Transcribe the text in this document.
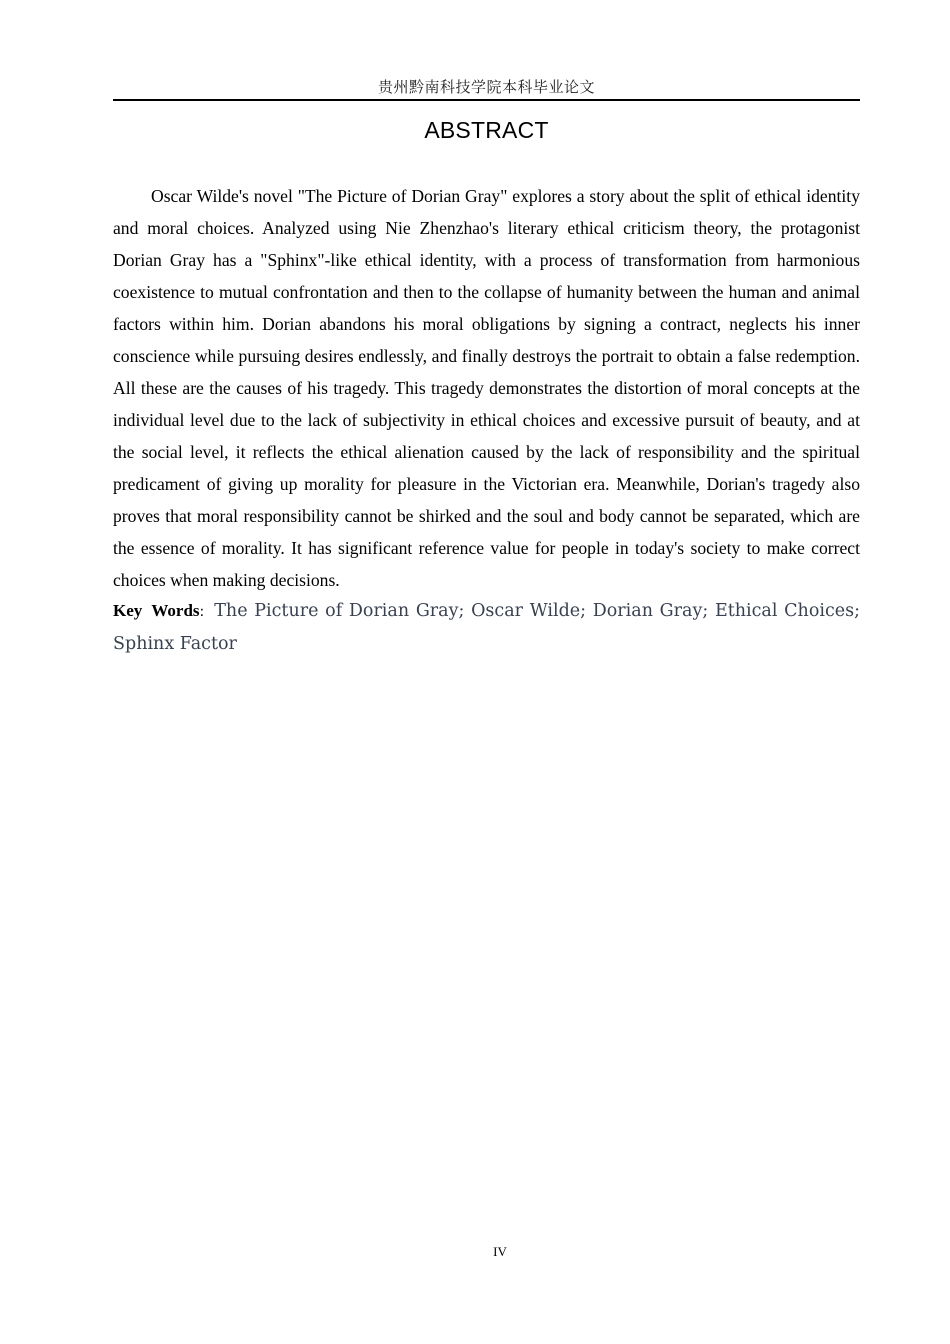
贵州黔南科技学院本科毕业论文
ABSTRACT

Oscar Wilde's novel "The Picture of Dorian Gray" explores a story about the split of ethical identity and moral choices. Analyzed using Nie Zhenzhao's literary ethical criticism theory, the protagonist Dorian Gray has a "Sphinx"-like ethical identity, with a process of transformation from harmonious coexistence to mutual confrontation and then to the collapse of humanity between the human and animal factors within him. Dorian abandons his moral obligations by signing a contract, neglects his inner conscience while pursuing desires endlessly, and finally destroys the portrait to obtain a false redemption. All these are the causes of his tragedy. This tragedy demonstrates the distortion of moral concepts at the individual level due to the lack of subjectivity in ethical choices and excessive pursuit of beauty, and at the social level, it reflects the ethical alienation caused by the lack of responsibility and the spiritual predicament of giving up morality for pleasure in the Victorian era. Meanwhile, Dorian's tragedy also proves that moral responsibility cannot be shirked and the soul and body cannot be separated, which are the essence of morality. It has significant reference value for people in today's society to make correct choices when making decisions.

Key Words: The Picture of Dorian Gray; Oscar Wilde; Dorian Gray; Ethical Choices; Sphinx Factor

IV
